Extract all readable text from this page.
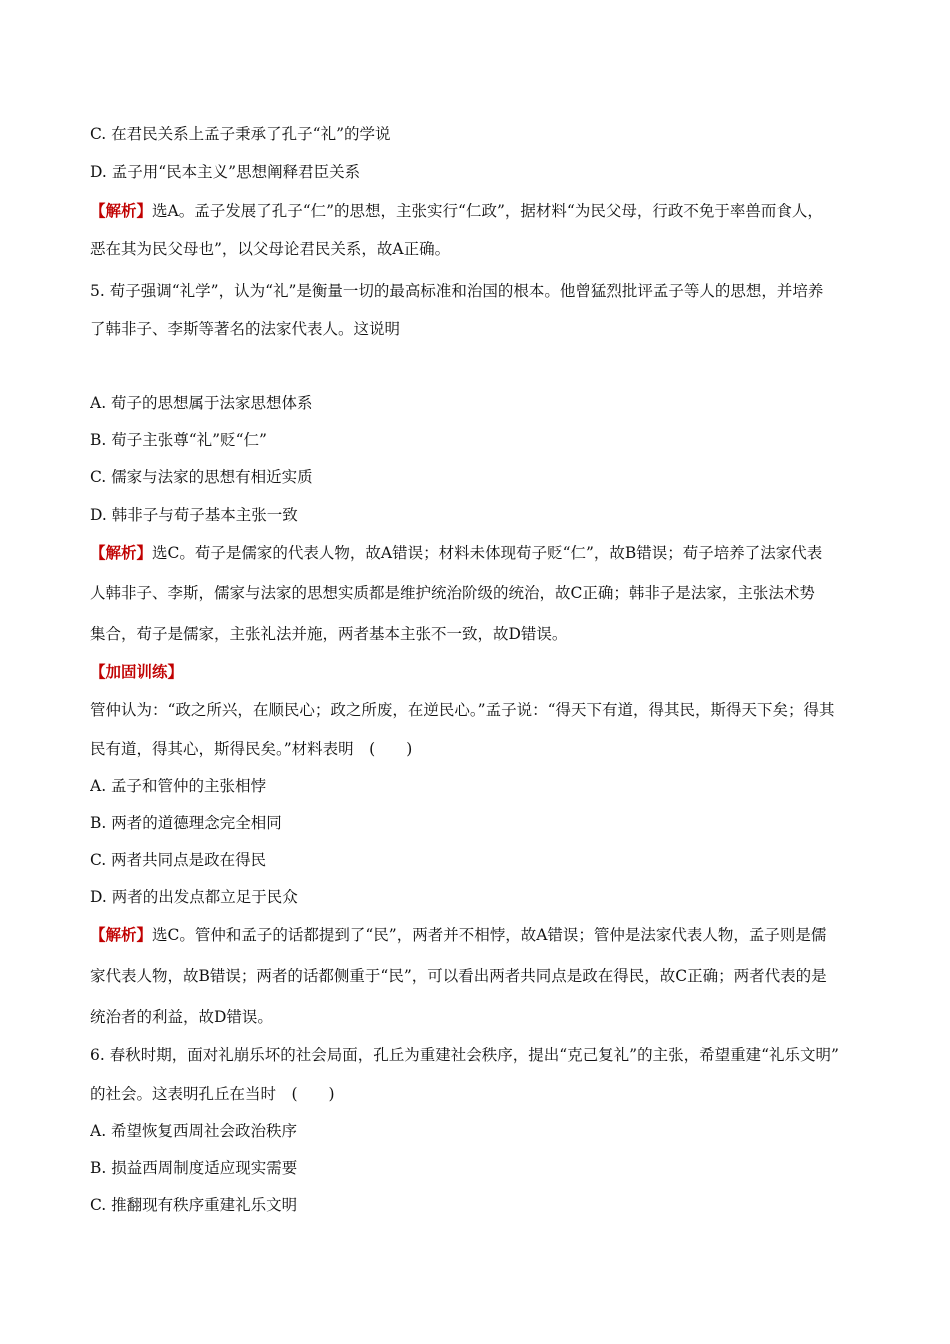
C. 在君民关系上孟子秉承了孔子“礼”的学说
D. 孟子用“民本主义”思想阐释君臣关系
【解析】选A。孟子发展了孔子“仁”的思想，主张实行“仁政”，据材料“为民父母，行政不免于率兽而食人，
恶在其为民父母也”，以父母论君民关系，故A正确。
5. 荀子强调“礼学”，认为“礼”是衡量一切的最高标准和治国的根本。他曾猛烈批评孟子等人的思想，并培养
了韩非子、李斯等著名的法家代表人。这说明
A. 荀子的思想属于法家思想体系
B. 荀子主张尊“礼”贬“仁”
C. 儒家与法家的思想有相近实质
D. 韩非子与荀子基本主张一致
【解析】选C。荀子是儒家的代表人物，故A错误；材料未体现荀子贬“仁”，故B错误；荀子培养了法家代表
人韩非子、李斯，儒家与法家的思想实质都是维护统治阶级的统治，故C正确；韩非子是法家，主张法术势
集合，荀子是儒家，主张礼法并施，两者基本主张不一致，故D错误。
【加固训练】
管仲认为：“政之所兴，在顺民心；政之所废，在逆民心。”孟子说：“得天下有道，得其民，斯得天下矣；得其
民有道，得其心，斯得民矣。”材料表明　(　　)
A. 孟子和管仲的主张相悖
B. 两者的道德理念完全相同
C. 两者共同点是政在得民
D. 两者的出发点都立足于民众
【解析】选C。管仲和孟子的话都提到了“民”，两者并不相悖，故A错误；管仲是法家代表人物，孟子则是儒
家代表人物，故B错误；两者的话都侧重于“民”，可以看出两者共同点是政在得民，故C正确；两者代表的是
统治者的利益，故D错误。
6. 春秋时期，面对礼崩乐坏的社会局面，孔丘为重建社会秩序，提出“克己复礼”的主张，希望重建“礼乐文明”
的社会。这表明孔丘在当时　(　　)
A. 希望恢复西周社会政治秩序
B. 损益西周制度适应现实需要
C. 推翻现有秩序重建礼乐文明
